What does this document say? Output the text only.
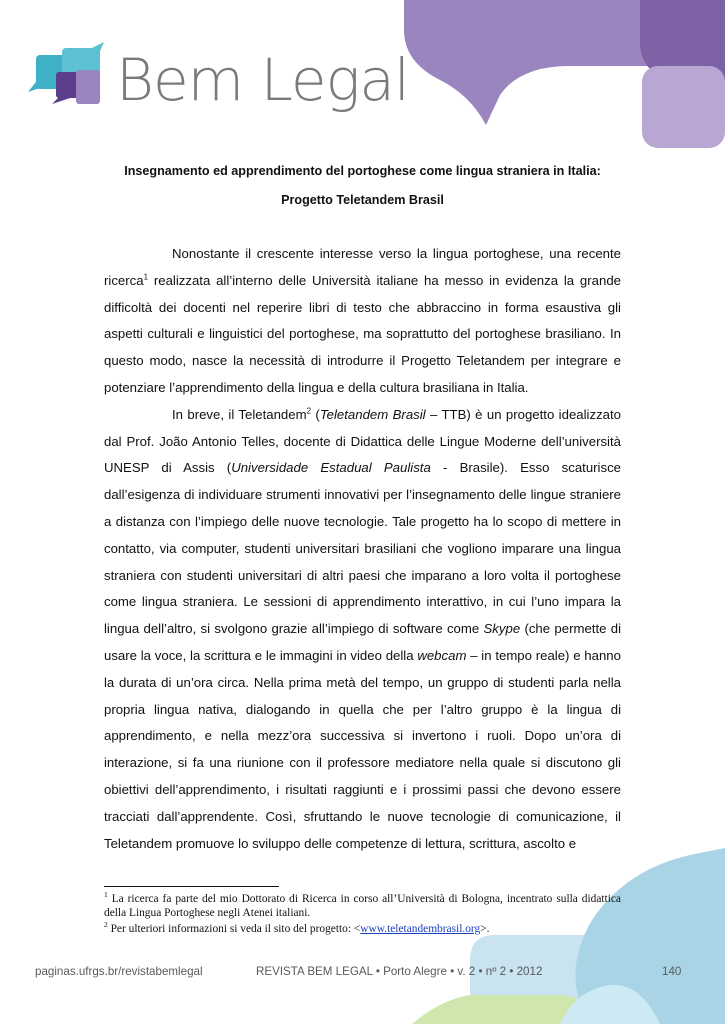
Bem Legal
Insegnamento ed apprendimento del portoghese come lingua straniera in Italia:
Progetto Teletandem Brasil

Nonostante il crescente interesse verso la lingua portoghese, una recente ricerca$^1$ realizzata all’interno delle Università italiane ha messo in evidenza la grande difficoltà dei docenti nel reperire libri di testo che abbraccino in forma esaustiva gli aspetti culturali e linguistici del portoghese, ma soprattutto del portoghese brasiliano. In questo modo, nasce la necessità di introdurre il Progetto Teletandem per integrare e potenziare l’apprendimento della lingua e della cultura brasiliana in Italia.

In breve, il Teletandem$^2$ (Teletandem Brasil – TTB) è un progetto idealizzato dal Prof. João Antonio Telles, docente di Didattica delle Lingue Moderne dell’università UNESP di Assis (Universidade Estadual Paulista - Brasile). Esso scaturisce dall’esigenza di individuare strumenti innovativi per l’insegnamento delle lingue straniere a distanza con l’impiego delle nuove tecnologie. Tale progetto ha lo scopo di mettere in contatto, via computer, studenti universitari brasiliani che vogliono imparare una lingua straniera con studenti universitari di altri paesi che imparano a loro volta il portoghese come lingua straniera. Le sessioni di apprendimento interattivo, in cui l’uno impara la lingua dell’altro, si svolgono grazie all’impiego di software come Skype (che permette di usare la voce, la scrittura e le immagini in video della webcam – in tempo reale) e hanno la durata di un’ora circa. Nella prima metà del tempo, un gruppo di studenti parla nella propria lingua nativa, dialogando in quella che per l’altro gruppo è la lingua di apprendimento, e nella mezz’ora successiva si invertono i ruoli. Dopo un’ora di interazione, si fa una riunione con il professore mediatore nella quale si discutono gli obiettivi dell’apprendimento, i risultati raggiunti e i prossimi passi che devono essere tracciati dall’apprendente. Così, sfruttando le nuove tecnologie di comunicazione, il Teletandem promuove lo sviluppo delle competenze di lettura, scrittura, ascolto e

$^1$ La ricerca fa parte del mio Dottorato di Ricerca in corso all’Università di Bologna, incentrato sulla didattica della Lingua Portoghese negli Atenei italiani.
$^2$ Per ulteriori informazioni si veda il sito del progetto: <www.teletandembrasil.org>.
paginas.ufrgs.br/revistabemlegal	REVISTA BEM LEGAL • Porto Alegre • v. 2 • nº 2 • 2012	140
